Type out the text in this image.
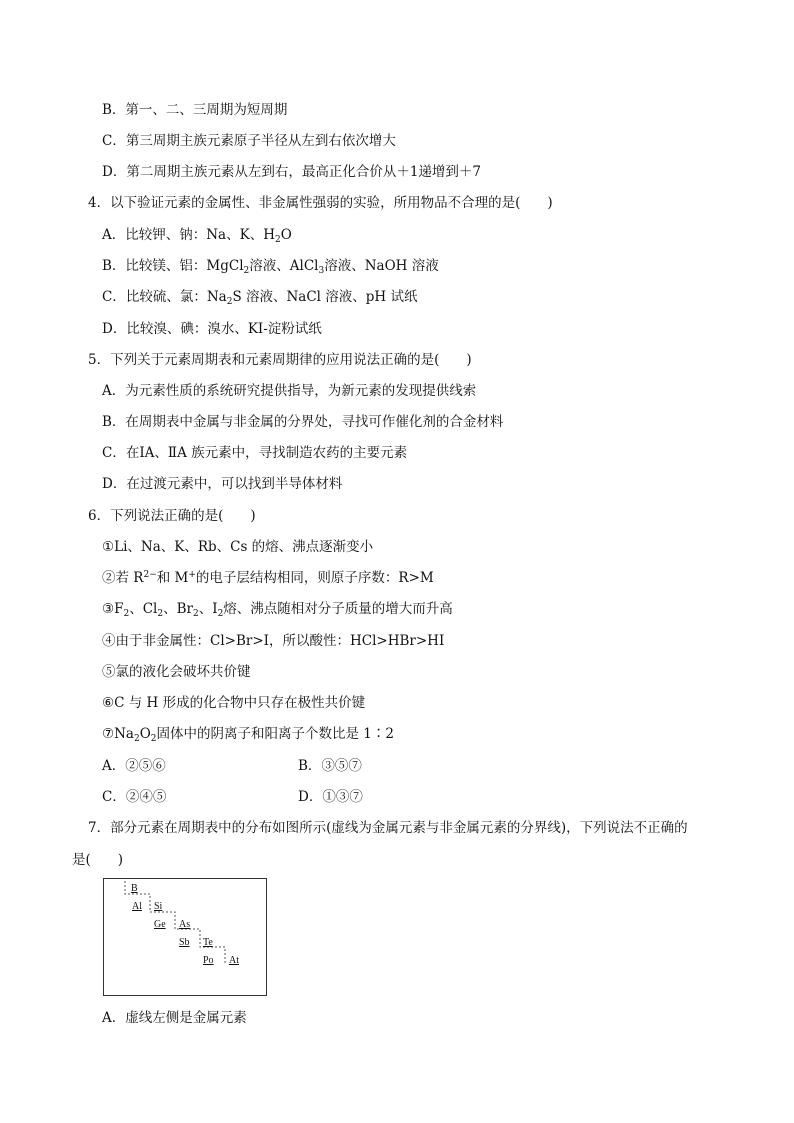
B．第一、二、三周期为短周期
C．第三周期主族元素原子半径从左到右依次增大
D．第二周期主族元素从左到右，最高正化合价从＋1递增到＋7
4．以下验证元素的金属性、非金属性强弱的实验，所用物品不合理的是(　　)
A．比较钾、钠：Na、K、$H_2O$
B．比较镁、铝：MgCl$_2$溶液、AlCl$_3$溶液、NaOH 溶液
C．比较硫、氯：$Na_2S$ 溶液、NaCl 溶液、pH 试纸
D．比较溴、碘：溴水、KI-淀粉试纸
5．下列关于元素周期表和元素周期律的应用说法正确的是(　　)
A．为元素性质的系统研究提供指导，为新元素的发现提供线索
B．在周期表中金属与非金属的分界处，寻找可作催化剂的合金材料
C．在ⅠA、ⅡA 族元素中，寻找制造农药的主要元素
D．在过渡元素中，可以找到半导体材料
6．下列说法正确的是(　　)
①Li、Na、K、Rb、Cs 的熔、沸点逐渐变小
②若 $R^{2-}$和 M+的电子层结构相同，则原子序数：R>M
$③F_2$、$Cl_2$、$Br_2$、$I_2$熔、沸点随相对分子质量的增大而升高
④由于非金属性：Cl>Br>I，所以酸性：HCl>HBr>HI
⑤氯的液化会破坏共价键
⑥C 与 H 形成的化合物中只存在极性共价键
$⑦Na_2O_2$固体中的阴离子和阳离子个数比是 1∶2
A．②⑤⑥	B．③⑤⑦
C．②④⑤	D．①③⑦
7．部分元素在周期表中的分布如图所示(虚线为金属元素与非金属元素的分界线)，下列说法不正确的
是(　　)
B
Al Si
Ge As
Sb Te
Po At
A．虚线左侧是金属元素
